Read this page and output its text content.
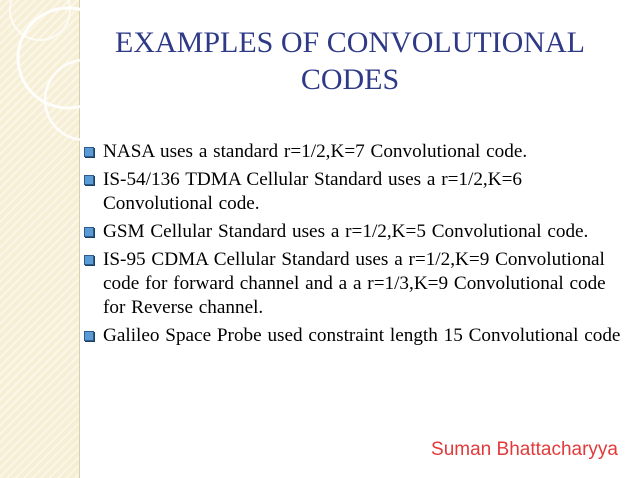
EXAMPLES OF CONVOLUTIONAL
CODES
NASA uses a standard r=1/2,K=7 Convolutional code.
IS-54/136 TDMA Cellular Standard uses a r=1/2,K=6 Convolutional code.
GSM Cellular Standard uses a r=1/2,K=5 Convolutional code.
IS-95 CDMA Cellular Standard uses a r=1/2,K=9 Convolutional code for forward channel and a a r=1/3,K=9 Convolutional code for Reverse channel.
Galileo Space Probe used constraint length 15 Convolutional code
Suman Bhattacharyya
